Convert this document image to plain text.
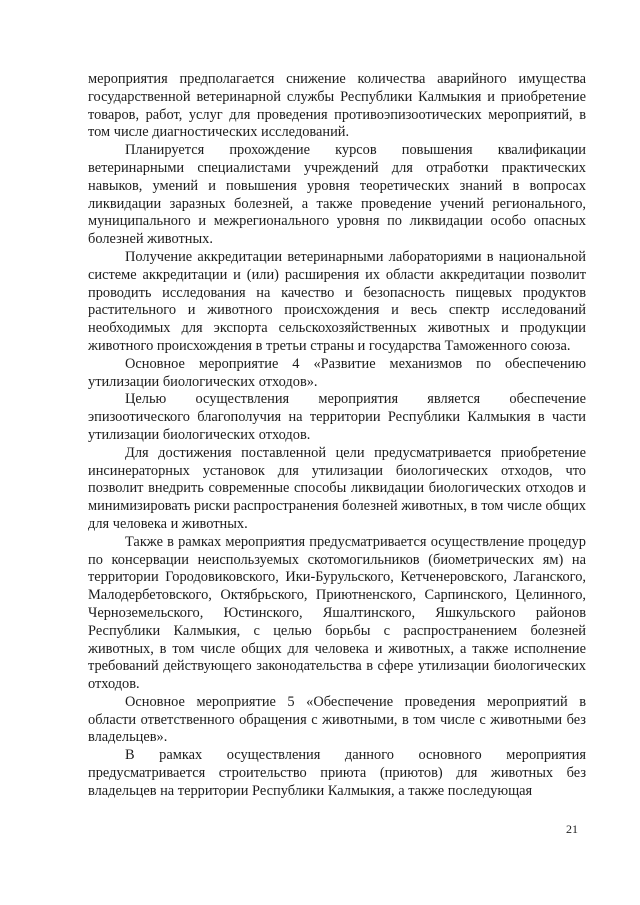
мероприятия предполагается снижение количества аварийного имущества государственной ветеринарной службы Республики Калмыкия и приобретение товаров, работ, услуг для проведения противоэпизоотических мероприятий, в том числе диагностических исследований.

Планируется прохождение курсов повышения квалификации ветеринарными специалистами учреждений для отработки практических навыков, умений и повышения уровня теоретических знаний в вопросах ликвидации заразных болезней, а также проведение учений регионального, муниципального и межрегионального уровня по ликвидации особо опасных болезней животных.

Получение аккредитации ветеринарными лабораториями в национальной системе аккредитации и (или) расширения их области аккредитации позволит проводить исследования на качество и безопасность пищевых продуктов растительного и животного происхождения и весь спектр исследований необходимых для экспорта сельскохозяйственных животных и продукции животного происхождения в третьи страны и государства Таможенного союза.

Основное мероприятие 4 «Развитие механизмов по обеспечению утилизации биологических отходов».

Целью осуществления мероприятия является обеспечение эпизоотического благополучия на территории Республики Калмыкия в части утилизации биологических отходов.

Для достижения поставленной цели предусматривается приобретение инсинераторных установок для утилизации биологических отходов, что позволит внедрить современные способы ликвидации биологических отходов и минимизировать риски распространения болезней животных, в том числе общих для человека и животных.

Также в рамках мероприятия предусматривается осуществление процедур по консервации неиспользуемых скотомогильников (биометрических ям) на территории Городовиковского, Ики-Бурульского, Кетченеровского, Лаганского, Малодербетовского, Октябрьского, Приютненского, Сарпинского, Целинного, Черноземельского, Юстинского, Яшалтинского, Яшкульского районов Республики Калмыкия, с целью борьбы с распространением болезней животных, в том числе общих для человека и животных, а также исполнение требований действующего законодательства в сфере утилизации биологических отходов.

Основное мероприятие 5 «Обеспечение проведения мероприятий в области ответственного обращения с животными, в том числе с животными без владельцев».

В рамках осуществления данного основного мероприятия предусматривается строительство приюта (приютов) для животных без владельцев на территории Республики Калмыкия, а также последующая

21
